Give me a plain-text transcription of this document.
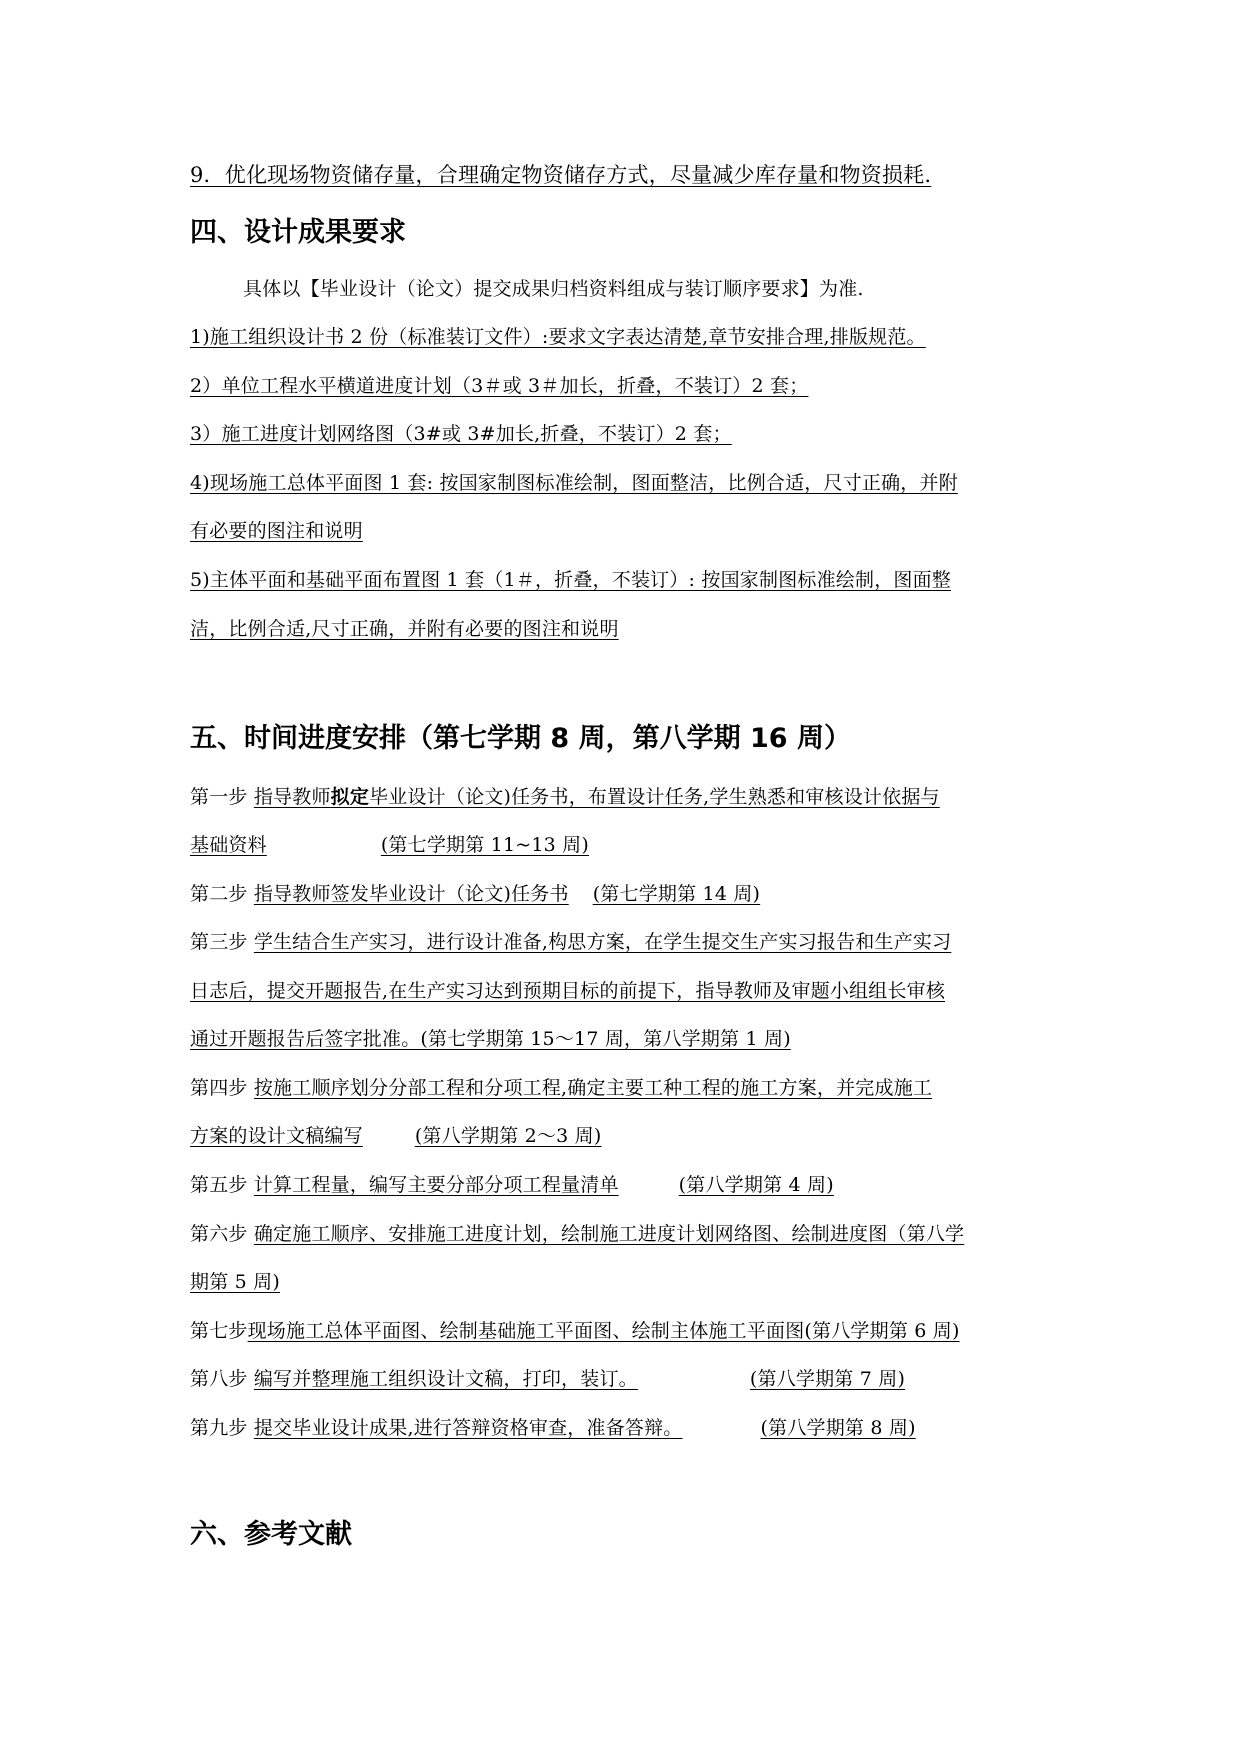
9．优化现场物资储存量，合理确定物资储存方式，尽量减少库存量和物资损耗.
四、设计成果要求
具体以【毕业设计（论文）提交成果归档资料组成与装订顺序要求】为准.
1)施工组织设计书 2 份（标准装订文件）:要求文字表达清楚,章节安排合理,排版规范。
2）单位工程水平横道进度计划（3＃或 3＃加长，折叠，不装订）2 套；
3）施工进度计划网络图（3#或 3#加长,折叠，不装订）2 套；
4)现场施工总体平面图 1 套: 按国家制图标准绘制，图面整洁，比例合适，尺寸正确，并附
有必要的图注和说明
5)主体平面和基础平面布置图 1 套（1＃，折叠，不装订）: 按国家制图标准绘制，图面整
洁，比例合适,尺寸正确，并附有必要的图注和说明
五、时间进度安排（第七学期 8 周，第八学期 16 周）
第一步 指导教师拟定毕业设计（论文)任务书，布置设计任务,学生熟悉和审核设计依据与
基础资料	(第七学期第 11~13 周)
第二步 指导教师签发毕业设计（论文)任务书 (第七学期第 14 周)
第三步 学生结合生产实习，进行设计准备,构思方案，在学生提交生产实习报告和生产实习
日志后，提交开题报告,在生产实习达到预期目标的前提下，指导教师及审题小组组长审核
通过开题报告后签字批准。(第七学期第 15～17 周，第八学期第 1 周)
第四步 按施工顺序划分分部工程和分项工程,确定主要工种工程的施工方案，并完成施工
方案的设计文稿编写	(第八学期第 2～3 周)
第五步 计算工程量，编写主要分部分项工程量清单	(第八学期第 4 周)
第六步 确定施工顺序、安排施工进度计划，绘制施工进度计划网络图、绘制进度图（第八学
期第 5 周)
第七步现场施工总体平面图、绘制基础施工平面图、绘制主体施工平面图(第八学期第 6 周)
第八步 编写并整理施工组织设计文稿，打印，装订。	(第八学期第 7 周)
第九步 提交毕业设计成果,进行答辩资格审查，准备答辩。	(第八学期第 8 周)
六、参考文献
